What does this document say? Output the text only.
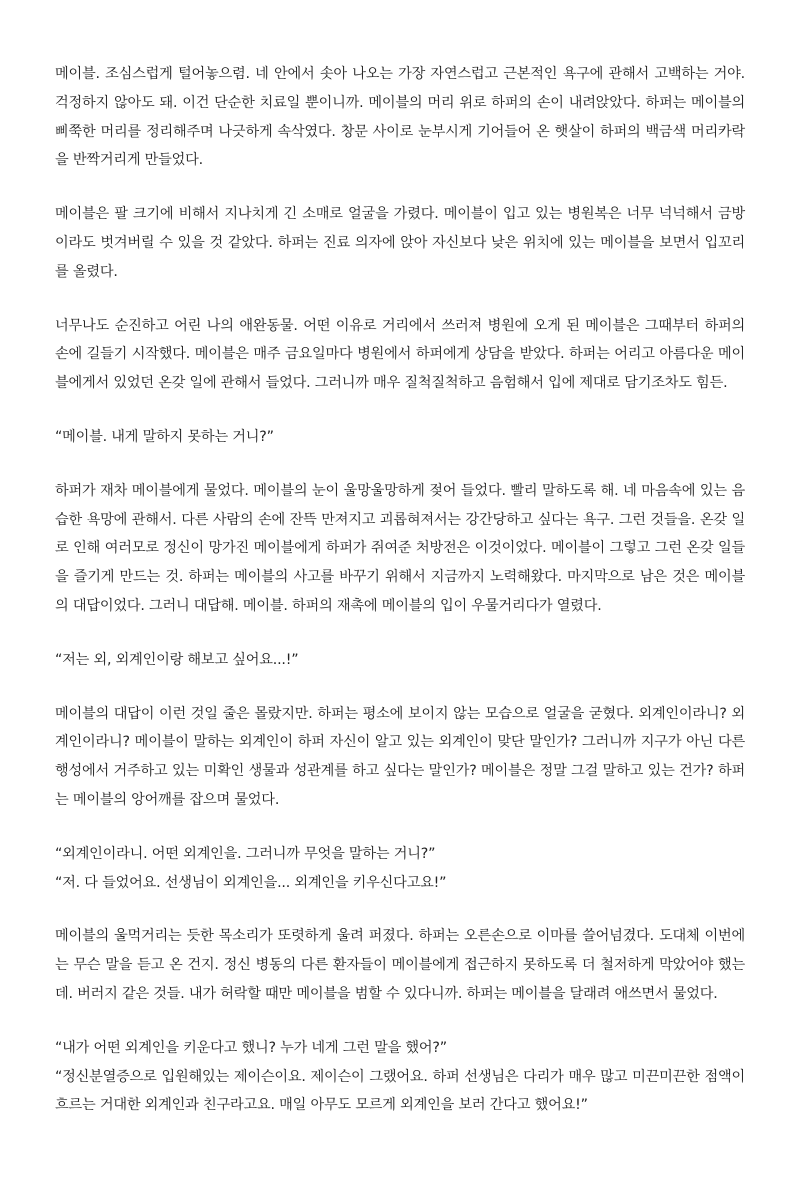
메이블. 조심스럽게 털어놓으렴. 네 안에서 솟아 나오는 가장 자연스럽고 근본적인 욕구에 관해서 고백하는 거야. 걱정하지 않아도 돼. 이건 단순한 치료일 뿐이니까. 메이블의 머리 위로 하퍼의 손이 내려앉았다. 하퍼는 메이블의 삐쭉한 머리를 정리해주며 나긋하게 속삭였다. 창문 사이로 눈부시게 기어들어 온 햇살이 하퍼의 백금색 머리카락을 반짝거리게 만들었다.

메이블은 팔 크기에 비해서 지나치게 긴 소매로 얼굴을 가렸다. 메이블이 입고 있는 병원복은 너무 넉넉해서 금방이라도 벗겨버릴 수 있을 것 같았다. 하퍼는 진료 의자에 앉아 자신보다 낮은 위치에 있는 메이블을 보면서 입꼬리를 올렸다.

너무나도 순진하고 어린 나의 애완동물. 어떤 이유로 거리에서 쓰러져 병원에 오게 된 메이블은 그때부터 하퍼의 손에 길들기 시작했다. 메이블은 매주 금요일마다 병원에서 하퍼에게 상담을 받았다. 하퍼는 어리고 아름다운 메이블에게서 있었던 온갖 일에 관해서 들었다. 그러니까 매우 질척질척하고 음험해서 입에 제대로 담기조차도 힘든.

“메이블. 내게 말하지 못하는 거니?”

하퍼가 재차 메이블에게 물었다. 메이블의 눈이 울망울망하게 젖어 들었다. 빨리 말하도록 해. 네 마음속에 있는 음습한 욕망에 관해서. 다른 사람의 손에 잔뜩 만져지고 괴롭혀져서는 강간당하고 싶다는 욕구. 그런 것들을. 온갖 일로 인해 여러모로 정신이 망가진 메이블에게 하퍼가 쥐여준 처방전은 이것이었다. 메이블이 그렇고 그런 온갖 일들을 즐기게 만드는 것. 하퍼는 메이블의 사고를 바꾸기 위해서 지금까지 노력해왔다. 마지막으로 남은 것은 메이블의 대답이었다. 그러니 대답해. 메이블. 하퍼의 재촉에 메이블의 입이 우물거리다가 열렸다.

“저는 외, 외계인이랑 해보고 싶어요...!”

메이블의 대답이 이런 것일 줄은 몰랐지만. 하퍼는 평소에 보이지 않는 모습으로 얼굴을 굳혔다. 외계인이라니? 외계인이라니? 메이블이 말하는 외계인이 하퍼 자신이 알고 있는 외계인이 맞단 말인가? 그러니까 지구가 아닌 다른 행성에서 거주하고 있는 미확인 생물과 성관계를 하고 싶다는 말인가? 메이블은 정말 그걸 말하고 있는 건가? 하퍼는 메이블의 앙어깨를 잡으며 물었다.

“외계인이라니. 어떤 외계인을. 그러니까 무엇을 말하는 거니?”
“저. 다 들었어요. 선생님이 외계인을... 외계인을 키우신다고요!”

메이블의 울먹거리는 듯한 목소리가 또렷하게 울려 퍼졌다. 하퍼는 오른손으로 이마를 쓸어넘겼다. 도대체 이번에는 무슨 말을 듣고 온 건지. 정신 병동의 다른 환자들이 메이블에게 접근하지 못하도록 더 철저하게 막았어야 했는데. 버러지 같은 것들. 내가 허락할 때만 메이블을 범할 수 있다니까. 하퍼는 메이블을 달래려 애쓰면서 물었다.

“내가 어떤 외계인을 키운다고 했니? 누가 네게 그런 말을 했어?”
“정신분열증으로 입원해있는 제이슨이요. 제이슨이 그랬어요. 하퍼 선생님은 다리가 매우 많고 미끈미끈한 점액이 흐르는 거대한 외계인과 친구라고요. 매일 아무도 모르게 외계인을 보러 간다고 했어요!”
